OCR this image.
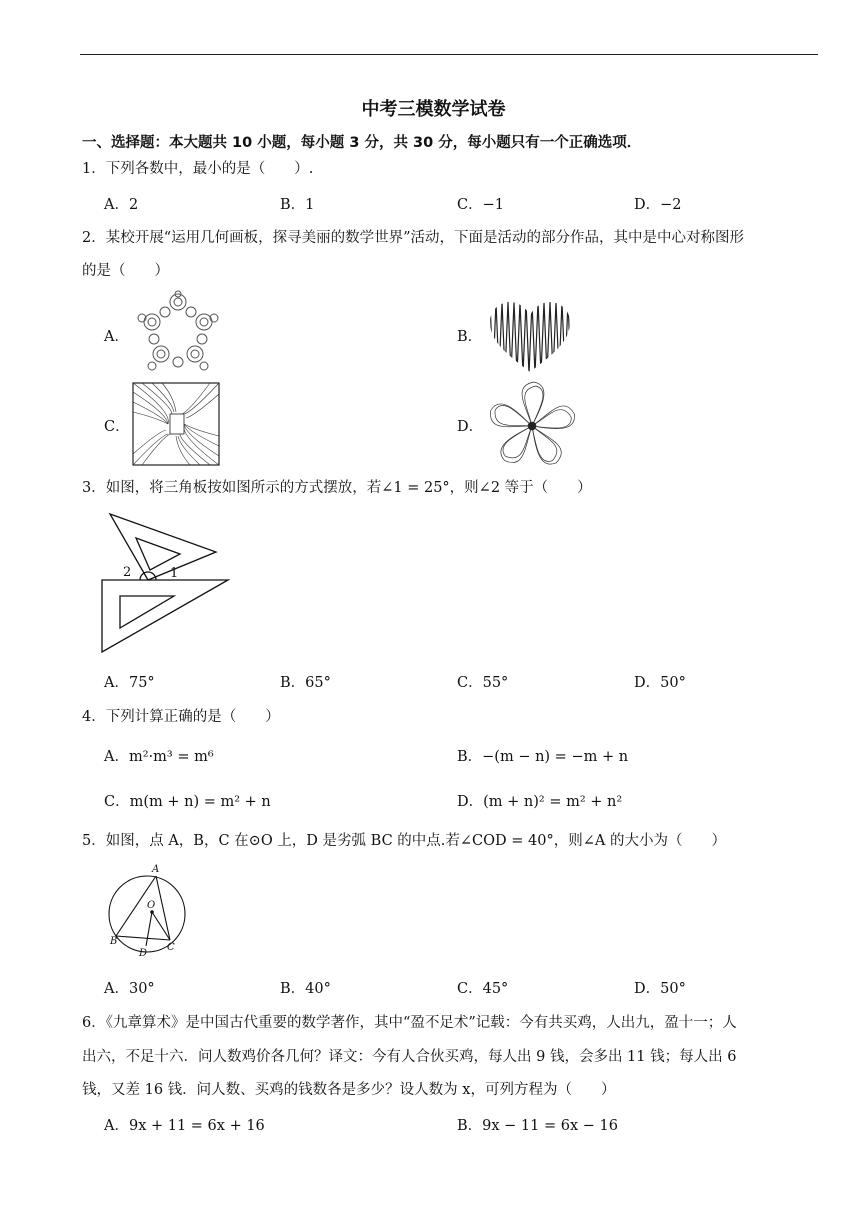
中考三模数学试卷
一、选择题：本大题共 10 小题，每小题 3 分，共 30 分，每小题只有一个正确选项．
1．下列各数中，最小的是（　　）.
A．2	B．1	C．−1	D．−2
2．某校开展“运用几何画板，探寻美丽的数学世界”活动，下面是活动的部分作品，其中是中心对称图形
的是（　　）
A．	B．
C．	D．
3．如图，将三角板按如图所示的方式摆放，若∠1 = 25°，则∠2 等于（　　）
2	1
A．75°	B．65°	C．55°	D．50°
4．下列计算正确的是（　　）
A．m²·m³ = m⁶	B．−(m − n) = −m + n
C．m(m + n) = m² + n	D．(m + n)² = m² + n²
5．如图，点 A，B，C 在⊙O 上，D 是劣弧 BC 的中点.若∠COD = 40°，则∠A 的大小为（　　）
A
O
B
D
C
A．30°	B．40°	C．45°	D．50°
6．《九章算术》是中国古代重要的数学著作，其中“盈不足术”记载：今有共买鸡，人出九，盈十一；人
出六，不足十六．问人数鸡价各几何？译文：今有人合伙买鸡，每人出 9 钱，会多出 11 钱；每人出 6
钱，又差 16 钱．问人数、买鸡的钱数各是多少？设人数为 x，可列方程为（　　）
A．9x + 11 = 6x + 16	B．9x − 11 = 6x − 16
